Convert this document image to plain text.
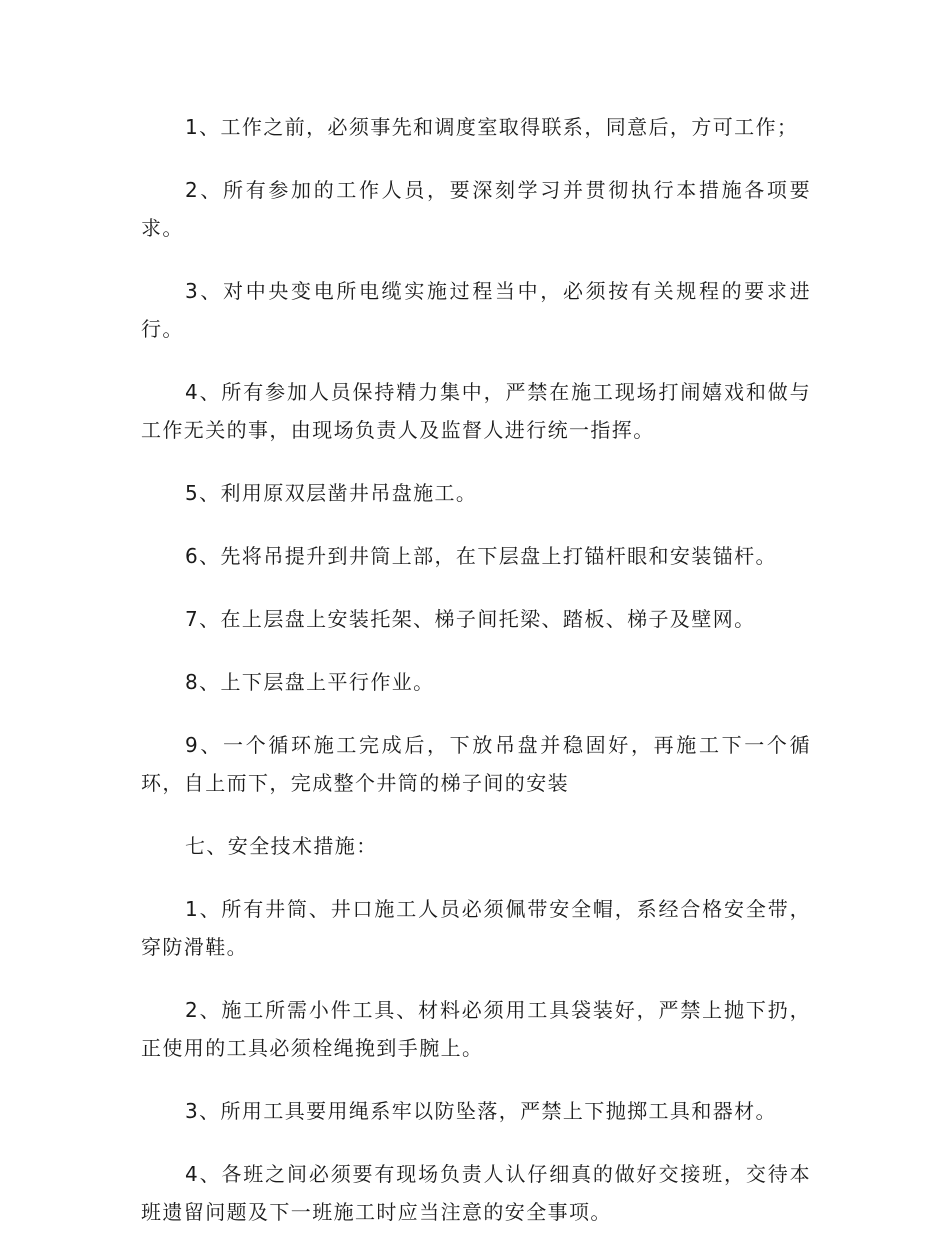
1、工作之前，必须事先和调度室取得联系，同意后，方可工作；

2、所有参加的工作人员，要深刻学习并贯彻执行本措施各项要求。

3、对中央变电所电缆实施过程当中，必须按有关规程的要求进行。

4、所有参加人员保持精力集中，严禁在施工现场打闹嬉戏和做与工作无关的事，由现场负责人及监督人进行统一指挥。

5、利用原双层凿井吊盘施工。

6、先将吊提升到井筒上部，在下层盘上打锚杆眼和安装锚杆。

7、在上层盘上安装托架、梯子间托梁、踏板、梯子及壁网。

8、上下层盘上平行作业。

9、一个循环施工完成后，下放吊盘并稳固好，再施工下一个循环，自上而下，完成整个井筒的梯子间的安装

七、安全技术措施：

1、所有井筒、井口施工人员必须佩带安全帽，系经合格安全带，穿防滑鞋。

2、施工所需小件工具、材料必须用工具袋装好，严禁上抛下扔，正使用的工具必须栓绳挽到手腕上。

3、所用工具要用绳系牢以防坠落，严禁上下抛掷工具和器材。

4、各班之间必须要有现场负责人认仔细真的做好交接班，交待本班遗留问题及下一班施工时应当注意的安全事项。
